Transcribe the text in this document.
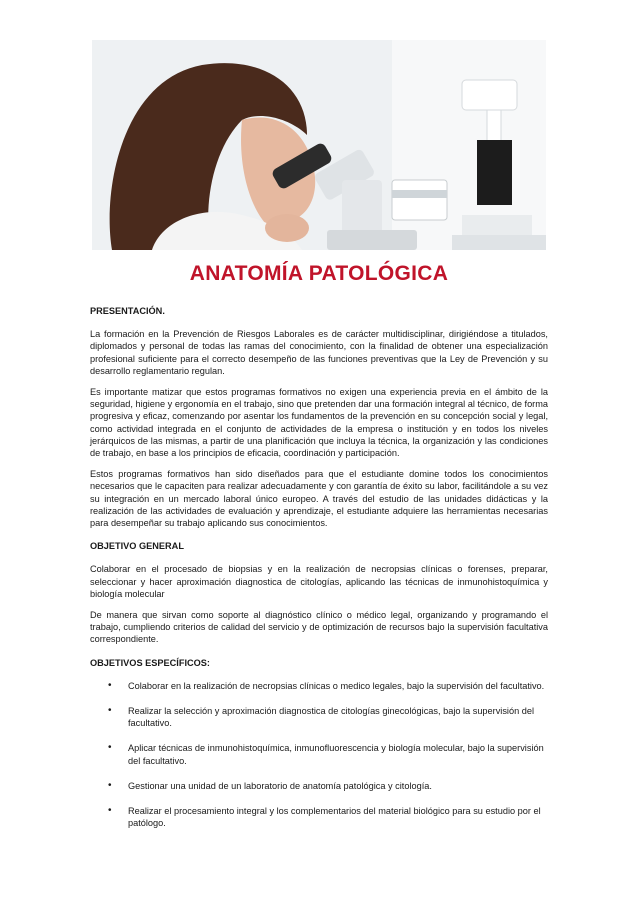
ANATOMÍA PATOLÓGICA
PRESENTACIÓN.

La formación en la Prevención de Riesgos Laborales es de carácter multidisciplinar, dirigiéndose a titulados, diplomados y personal de todas las ramas del conocimiento, con la finalidad de obtener una especialización profesional suficiente para el correcto desempeño de las funciones preventivas que la Ley de Prevención y su desarrollo reglamentario regulan.

Es importante matizar que estos programas formativos no exigen una experiencia previa en el ámbito de la seguridad, higiene y ergonomía en el trabajo, sino que pretenden dar una formación integral al técnico, de forma progresiva y eficaz, comenzando por asentar los fundamentos de la prevención en su concepción social y legal, como actividad integrada en el conjunto de actividades de la empresa o institución y en todos los niveles jerárquicos de las mismas, a partir de una planificación que incluya la técnica, la organización y las condiciones de trabajo, en base a los principios de eficacia, coordinación y participación.

Estos programas formativos han sido diseñados para que el estudiante domine todos los conocimientos necesarios que le capaciten para realizar adecuadamente y con garantía de éxito su labor, facilitándole a su vez su integración en un mercado laboral único europeo. A través del estudio de las unidades didácticas y la realización de las actividades de evaluación y aprendizaje, el estudiante adquiere las herramientas necesarias para desempeñar su trabajo aplicando sus conocimientos.

OBJETIVO GENERAL

Colaborar en el procesado de biopsias y en la realización de necropsias clínicas o forenses, preparar, seleccionar y hacer aproximación diagnostica de citologías, aplicando las técnicas de inmunohistoquímica y biología molecular

De manera que sirvan como soporte al diagnóstico clínico o médico legal, organizando y programando el trabajo, cumpliendo criterios de calidad del servicio y de optimización de recursos bajo la supervisión facultativa correspondiente.

OBJETIVOS ESPECÍFICOS:
• Colaborar en la realización de necropsias clínicas o medico legales, bajo la supervisión del facultativo.
• Realizar la selección y aproximación diagnostica de citologías ginecológicas, bajo la supervisión del facultativo.
• Aplicar técnicas de inmunohistoquímica, inmunofluorescencia y biología molecular, bajo la supervisión del facultativo.
• Gestionar una unidad de un laboratorio de anatomía patológica y citología.
• Realizar el procesamiento integral y los complementarios del material biológico para su estudio por el patólogo.
